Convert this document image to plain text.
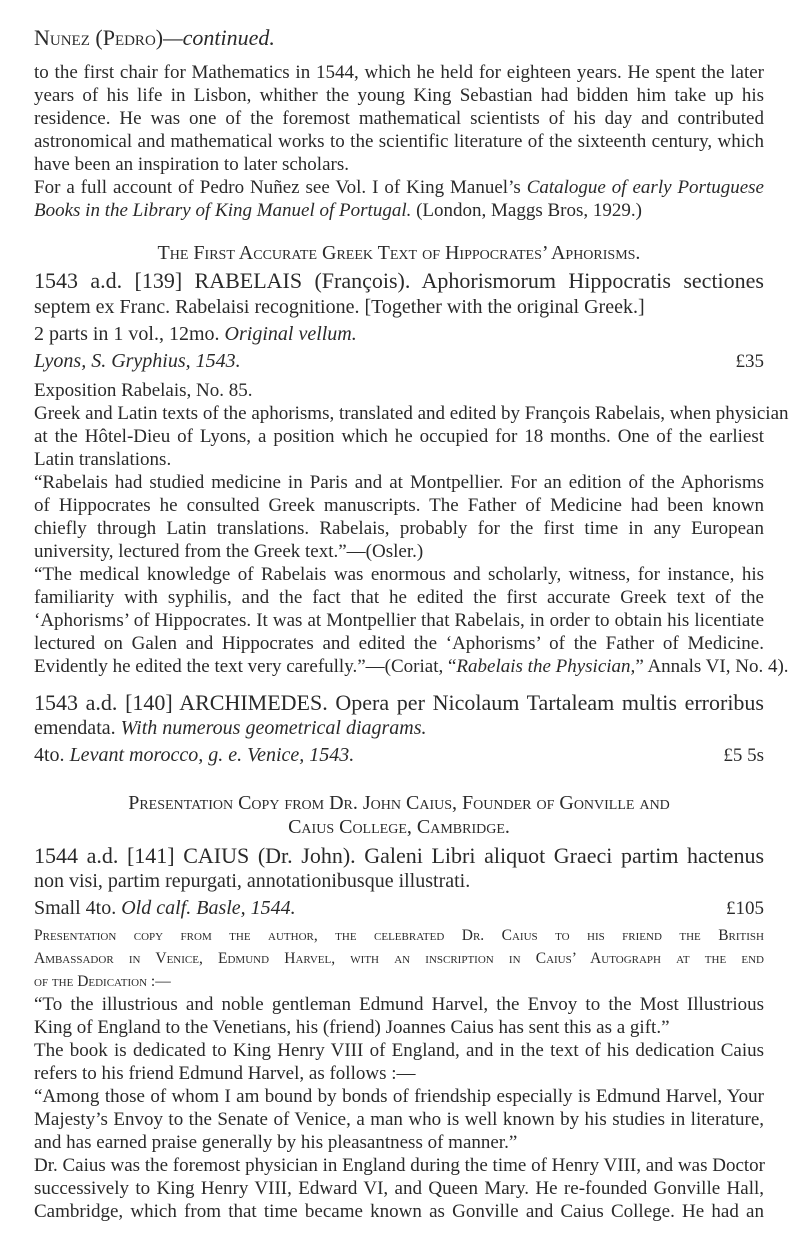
Nunez (Pedro)—continued.
to the first chair for Mathematics in 1544, which he held for eighteen years. He spent the later
years of his life in Lisbon, whither the young King Sebastian had bidden him take up his
residence. He was one of the foremost mathematical scientists of his day and contributed
astronomical and mathematical works to the scientific literature of the sixteenth century, which
have been an inspiration to later scholars.
For a full account of Pedro Nuñez see Vol. I of King Manuel’s Catalogue of early Portuguese
Books in the Library of King Manuel of Portugal. (London, Maggs Bros, 1929.)
The First Accurate Greek Text of Hippocrates’ Aphorisms.
1543 a.d. [139] RABELAIS (François). Aphorismorum Hippocratis sectiones
septem ex Franc. Rabelaisi recognitione. [Together with the original Greek.]
2 parts in 1 vol., 12mo. Original vellum.
Lyons, S. Gryphius, 1543.	£35
Exposition Rabelais, No. 85.
Greek and Latin texts of the aphorisms, translated and edited by François Rabelais, when physician
at the Hôtel-Dieu of Lyons, a position which he occupied for 18 months. One of the earliest
Latin translations.
“Rabelais had studied medicine in Paris and at Montpellier. For an edition of the Aphorisms
of Hippocrates he consulted Greek manuscripts. The Father of Medicine had been known
chiefly through Latin translations. Rabelais, probably for the first time in any European
university, lectured from the Greek text.”—(Osler.)
“The medical knowledge of Rabelais was enormous and scholarly, witness, for instance, his
familiarity with syphilis, and the fact that he edited the first accurate Greek text of the
‘Aphorisms’ of Hippocrates. It was at Montpellier that Rabelais, in order to obtain his licentiate
lectured on Galen and Hippocrates and edited the ‘Aphorisms’ of the Father of Medicine.
Evidently he edited the text very carefully.”—(Coriat, “Rabelais the Physician,” Annals VI, No. 4).
1543 a.d. [140] ARCHIMEDES. Opera per Nicolaum Tartaleam multis erroribus
emendata. With numerous geometrical diagrams.
4to. Levant morocco, g. e. Venice, 1543.	£5 5s
Presentation Copy from Dr. John Caius, Founder of Gonville and
Caius College, Cambridge.
1544 a.d. [141] CAIUS (Dr. John). Galeni Libri aliquot Graeci partim hactenus
non visi, partim repurgati, annotationibusque illustrati.
Small 4to. Old calf. Basle, 1544.	£105
Presentation copy from the author, the celebrated Dr. Caius to his friend the British
Ambassador in Venice, Edmund Harvel, with an inscription in Caius’ Autograph at the end
of the Dedication :—
“To the illustrious and noble gentleman Edmund Harvel, the Envoy to the Most Illustrious
King of England to the Venetians, his (friend) Joannes Caius has sent this as a gift.”
The book is dedicated to King Henry VIII of England, and in the text of his dedication Caius
refers to his friend Edmund Harvel, as follows :—
“Among those of whom I am bound by bonds of friendship especially is Edmund Harvel, Your
Majesty’s Envoy to the Senate of Venice, a man who is well known by his studies in literature,
and has earned praise generally by his pleasantness of manner.”
Dr. Caius was the foremost physician in England during the time of Henry VIII, and was Doctor
successively to King Henry VIII, Edward VI, and Queen Mary. He re-founded Gonville Hall,
Cambridge, which from that time became known as Gonville and Caius College. He had an
